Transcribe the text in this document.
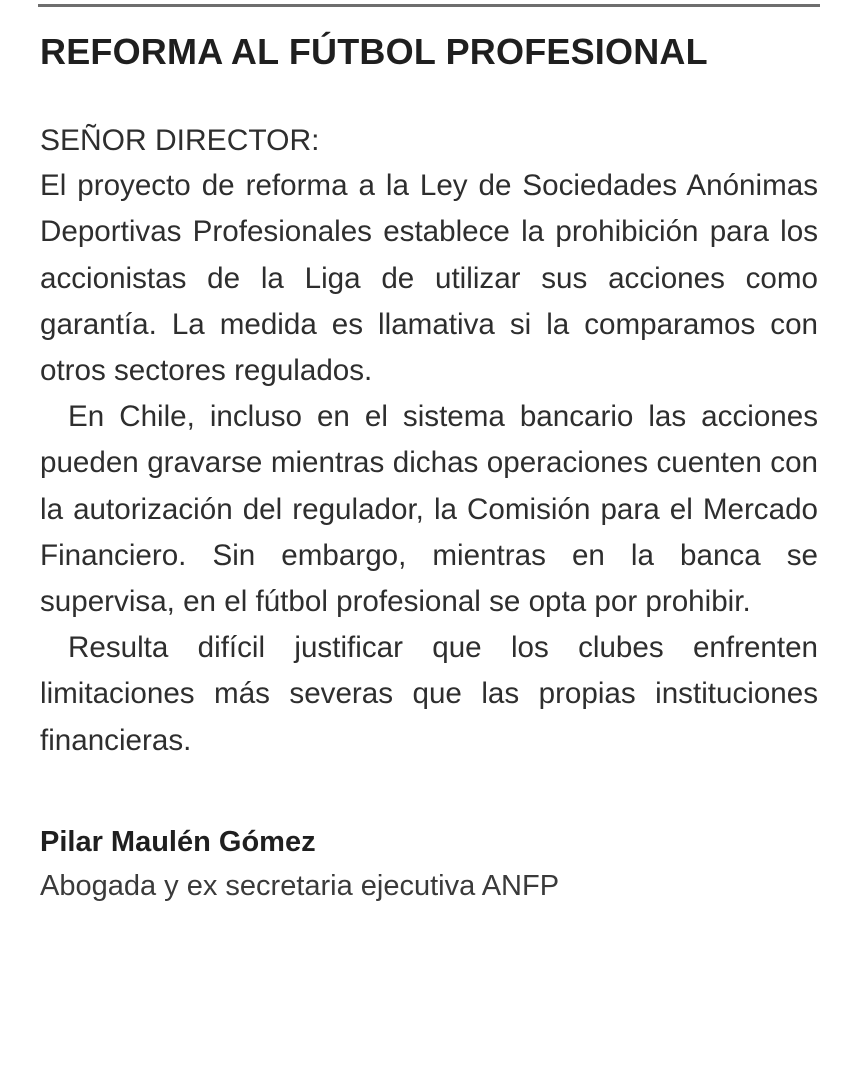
REFORMA AL FÚTBOL PROFESIONAL

SEÑOR DIRECTOR:

El proyecto de reforma a la Ley de Sociedades Anónimas Deportivas Profesionales establece la prohibición para los accionistas de la Liga de utilizar sus acciones como garantía. La medida es llamativa si la comparamos con otros sectores regulados.

En Chile, incluso en el sistema bancario las acciones pueden gravarse mientras dichas operaciones cuenten con la autorización del regulador, la Comisión para el Mercado Financiero. Sin embargo, mientras en la banca se supervisa, en el fútbol profesional se opta por prohibir.

Resulta difícil justificar que los clubes enfrenten limitaciones más severas que las propias instituciones financieras.

Pilar Maulén Gómez

Abogada y ex secretaria ejecutiva ANFP
